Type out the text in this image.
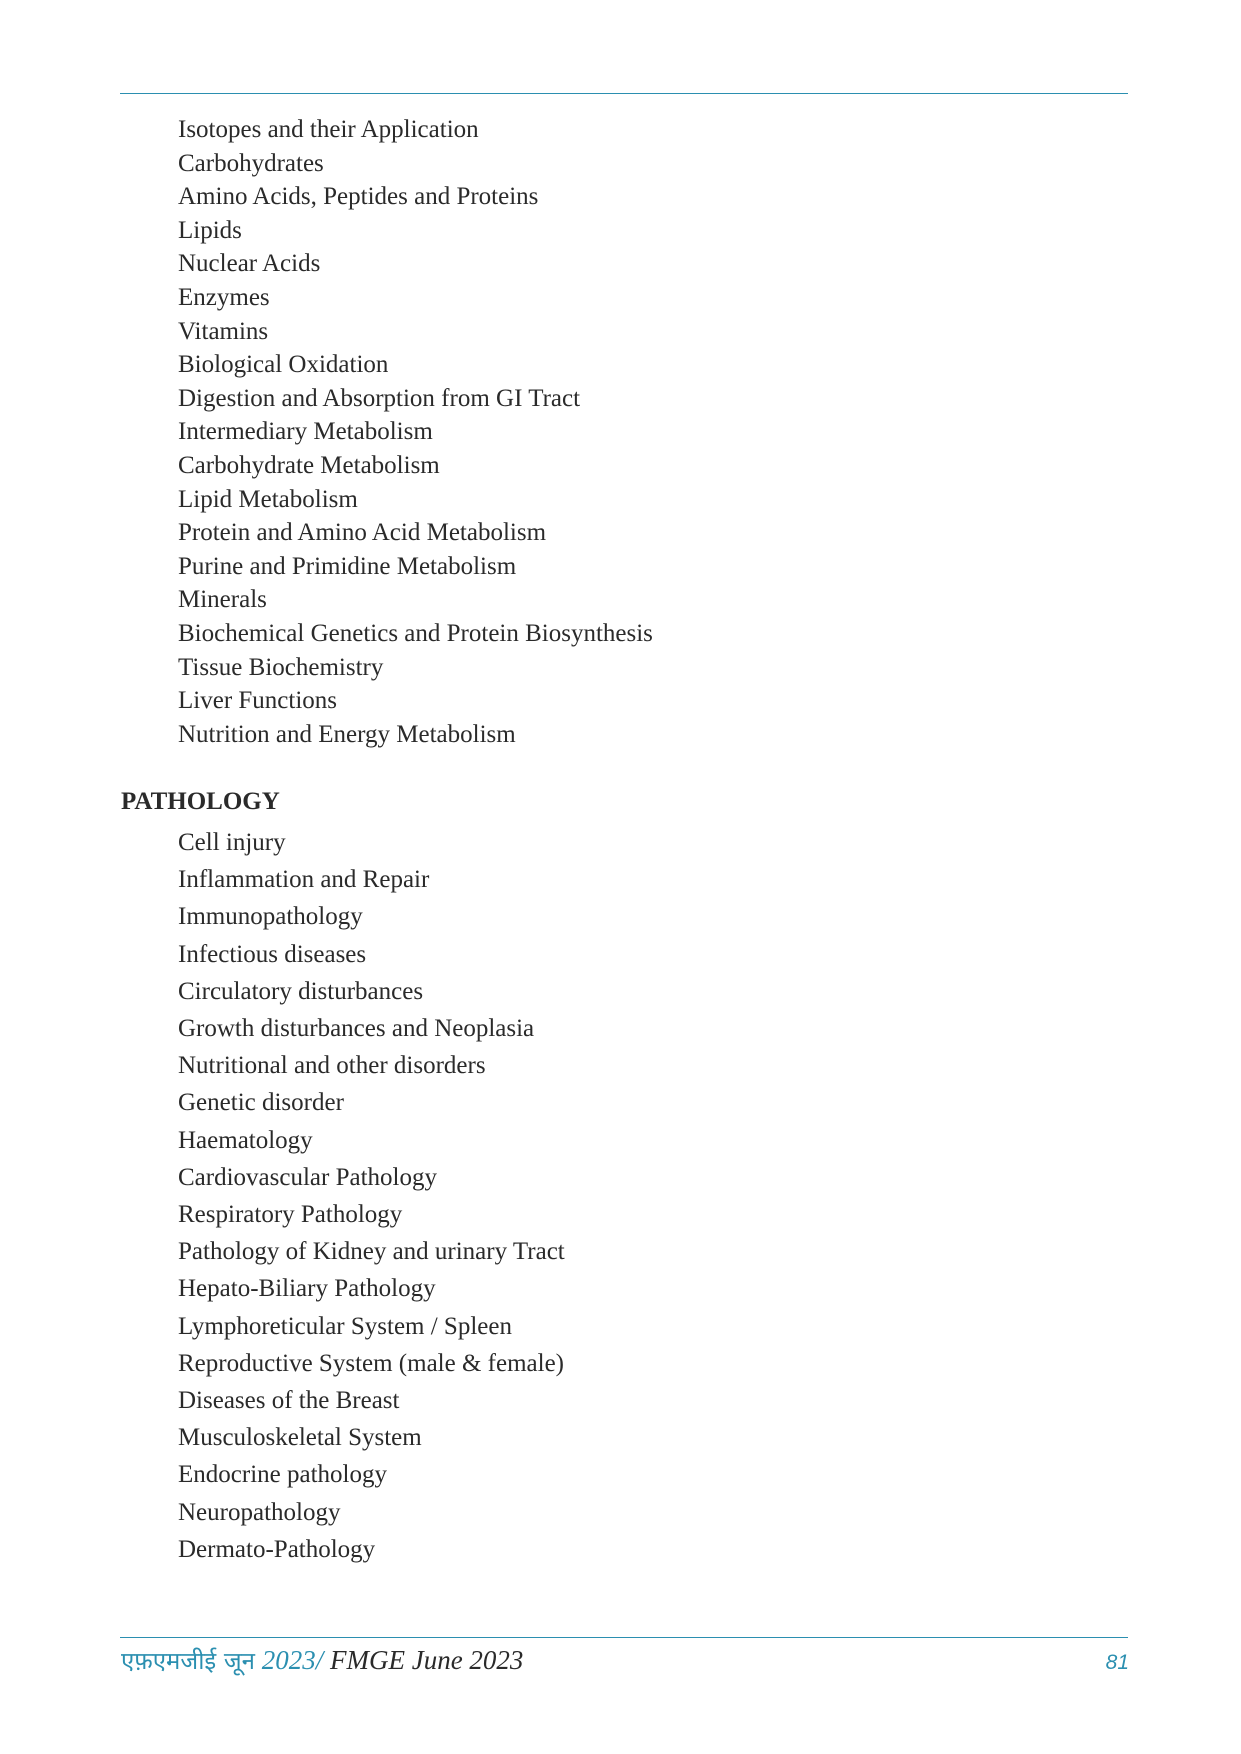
Isotopes and their Application
Carbohydrates
Amino Acids, Peptides and Proteins
Lipids
Nuclear Acids
Enzymes
Vitamins
Biological Oxidation
Digestion and Absorption from GI Tract
Intermediary Metabolism
Carbohydrate Metabolism
Lipid Metabolism
Protein and Amino Acid Metabolism
Purine and Primidine Metabolism
Minerals
Biochemical Genetics and Protein Biosynthesis
Tissue Biochemistry
Liver Functions
Nutrition and Energy Metabolism
PATHOLOGY
Cell injury
Inflammation and Repair
Immunopathology
Infectious diseases
Circulatory disturbances
Growth disturbances and Neoplasia
Nutritional and other disorders
Genetic disorder
Haematology
Cardiovascular Pathology
Respiratory Pathology
Pathology of Kidney and urinary Tract
Hepato-Biliary Pathology
Lymphoreticular System / Spleen
Reproductive System (male & female)
Diseases of the Breast
Musculoskeletal System
Endocrine pathology
Neuropathology
Dermato-Pathology
एफ़एमजीई जून 2023/ FMGE June 2023	81
